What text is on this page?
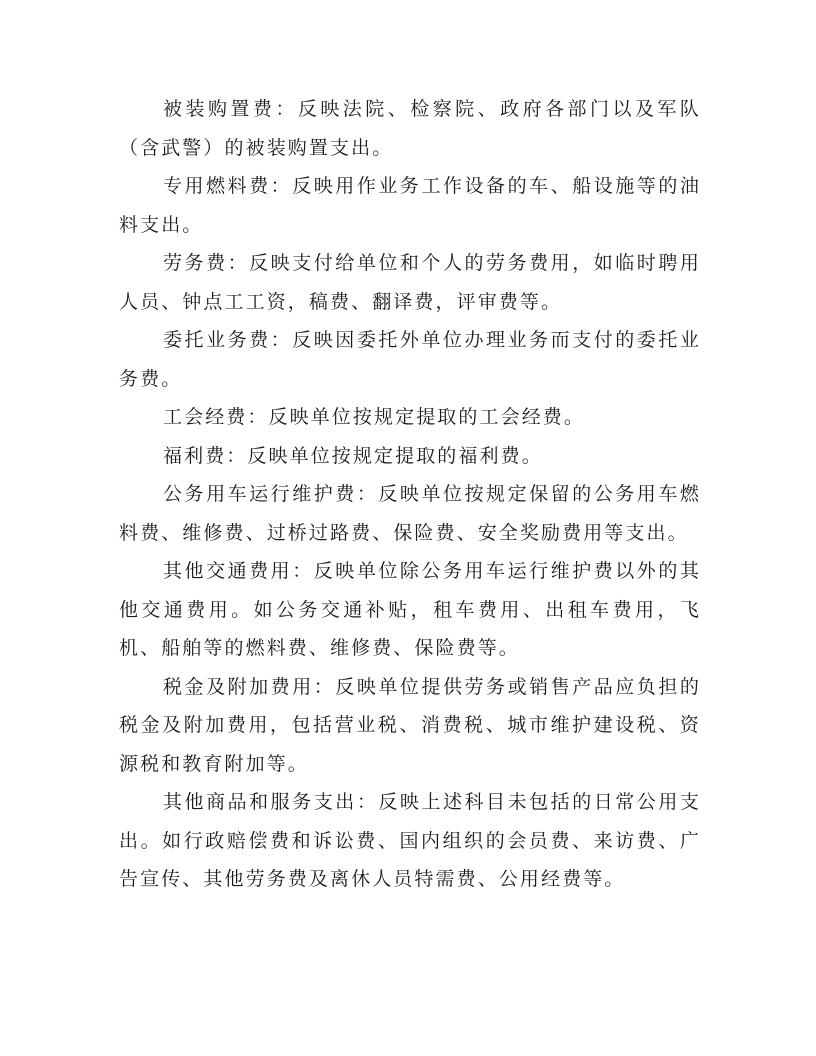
被装购置费：反映法院、检察院、政府各部门以及军队（含武警）的被装购置支出。

专用燃料费：反映用作业务工作设备的车、船设施等的油料支出。

劳务费：反映支付给单位和个人的劳务费用，如临时聘用人员、钟点工工资，稿费、翻译费，评审费等。

委托业务费：反映因委托外单位办理业务而支付的委托业务费。

工会经费：反映单位按规定提取的工会经费。

福利费：反映单位按规定提取的福利费。

公务用车运行维护费：反映单位按规定保留的公务用车燃料费、维修费、过桥过路费、保险费、安全奖励费用等支出。

其他交通费用：反映单位除公务用车运行维护费以外的其他交通费用。如公务交通补贴，租车费用、出租车费用，飞机、船舶等的燃料费、维修费、保险费等。

税金及附加费用：反映单位提供劳务或销售产品应负担的税金及附加费用，包括营业税、消费税、城市维护建设税、资源税和教育附加等。

其他商品和服务支出：反映上述科目未包括的日常公用支出。如行政赔偿费和诉讼费、国内组织的会员费、来访费、广告宣传、其他劳务费及离休人员特需费、公用经费等。
